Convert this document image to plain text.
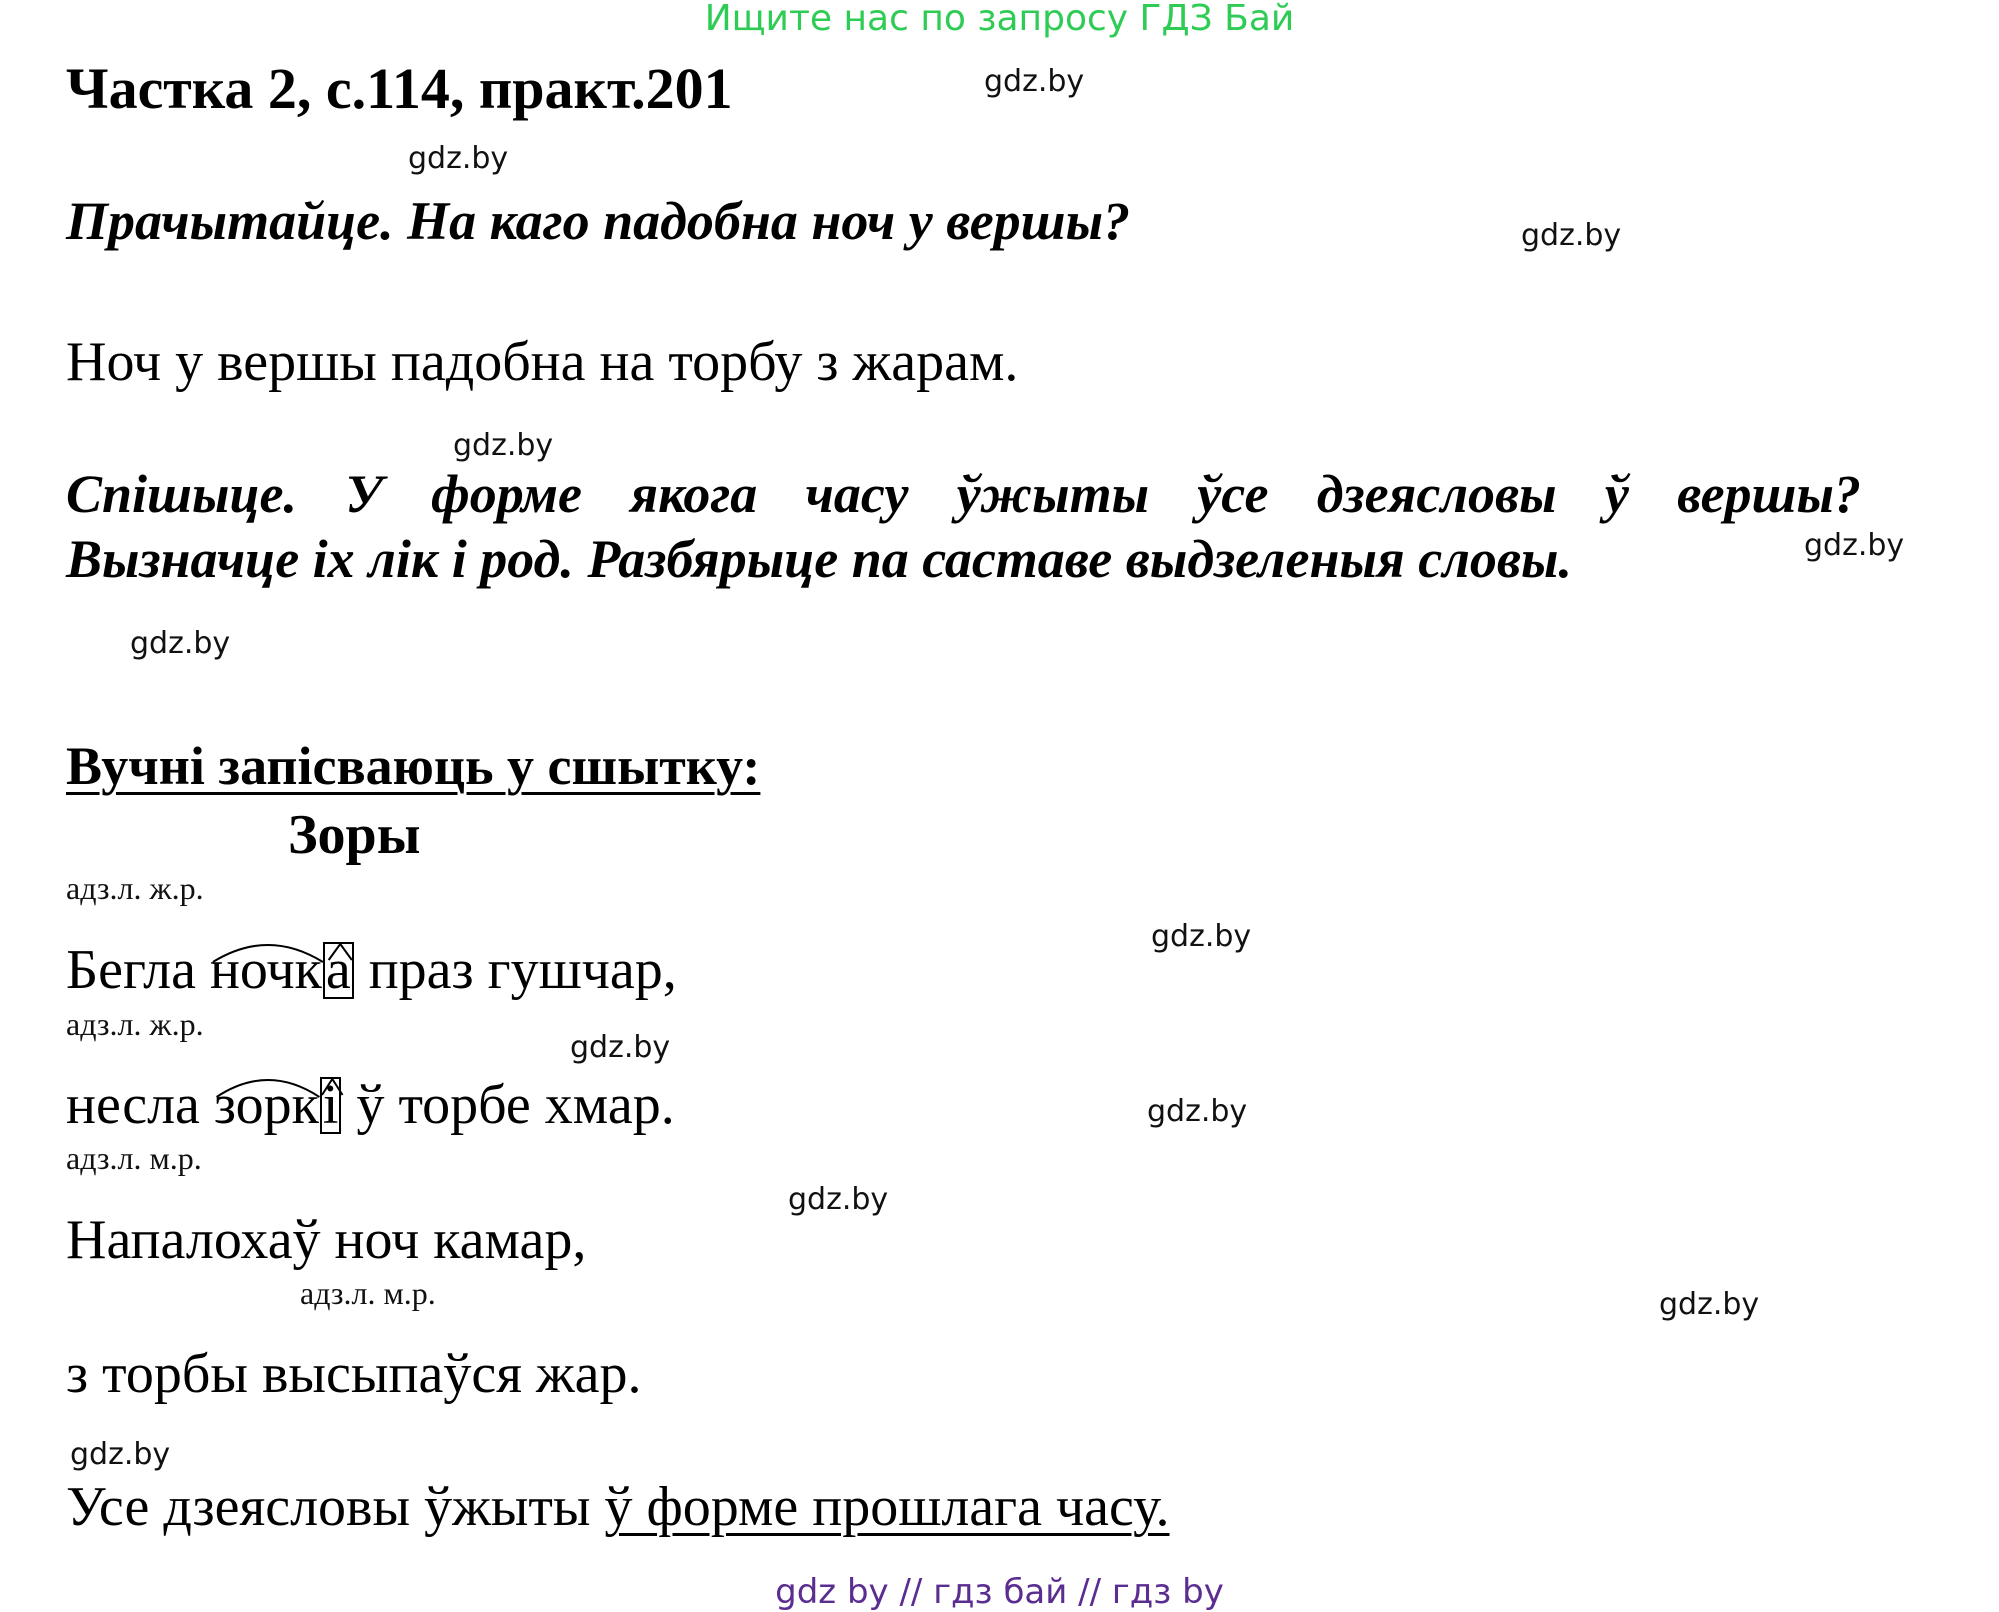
Ищите нас по запросу ГДЗ Бай
Частка 2, с.114, практ.201
Прачытайце. На каго падобна ноч у вершы?
Ноч у вершы падобна на торбу з жарам.
Спішыце. У форме якога часу ўжыты ўсе дзеясловы ў вершы?
Вызначце іх лік і род. Разбярыце па саставе выдзеленыя словы.
Вучні запісваюць у сшытку:
Зоры
адз.л. ж.р.
Бегла
ночка праз гушчар,
адз.л. ж.р.
несла
зоркі ў торбе хмар.
адз.л. м.р.
Напалохаў ноч камар,
адз.л. м.р.
з торбы высыпаўся жар.
Усе дзеясловы ўжыты ў форме прошлага часу.
gdz.by
gdz.by
gdz.by
gdz.by
gdz.by
gdz.by
gdz.by
gdz.by
gdz.by
gdz.by
gdz.by
gdz.by
gdz by // гдз бай // гдз by
